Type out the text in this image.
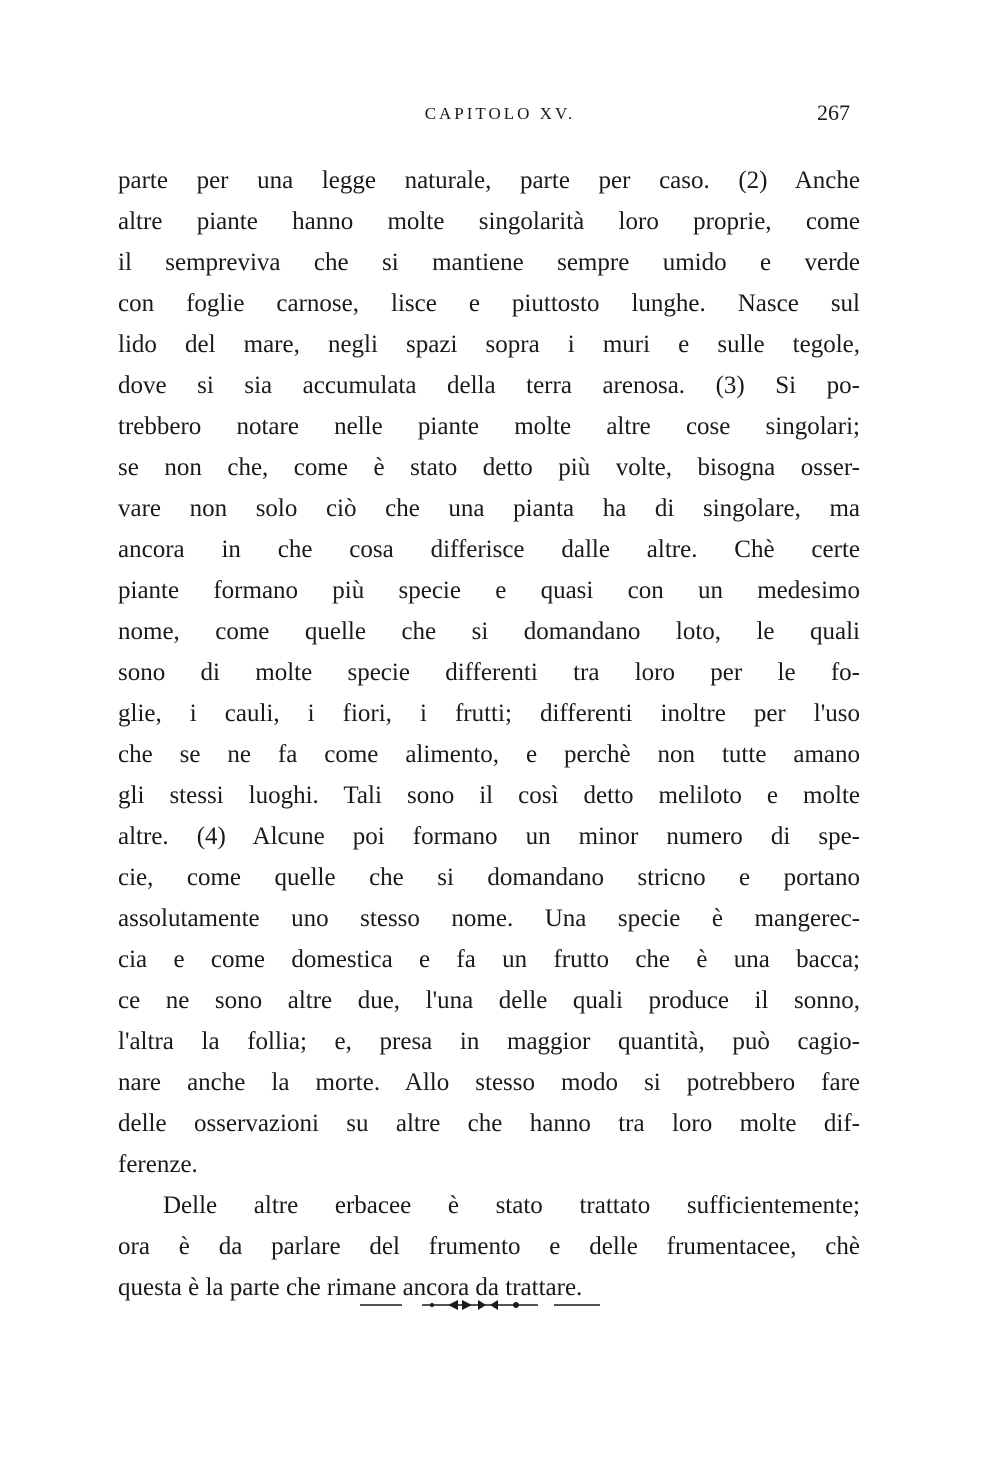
CAPITOLO XV.	267
parte per una legge naturale, parte per caso. (2) Anche
altre piante hanno molte singolarità loro proprie, come
il sempreviva che si mantiene sempre umido e verde
con foglie carnose, lisce e piuttosto lunghe. Nasce sul
lido del mare, negli spazi sopra i muri e sulle tegole,
dove si sia accumulata della terra arenosa. (3) Si po-
trebbero notare nelle piante molte altre cose singolari;
se non che, come è stato detto più volte, bisogna osser-
vare non solo ciò che una pianta ha di singolare, ma
ancora in che cosa differisce dalle altre. Chè certe
piante formano più specie e quasi con un medesimo
nome, come quelle che si domandano loto, le quali
sono di molte specie differenti tra loro per le fo-
glie, i cauli, i fiori, i frutti; differenti inoltre per l'uso
che se ne fa come alimento, e perchè non tutte amano
gli stessi luoghi. Tali sono il così detto meliloto e molte
altre. (4) Alcune poi formano un minor numero di spe-
cie, come quelle che si domandano stricno e portano
assolutamente uno stesso nome. Una specie è mangerec-
cia e come domestica e fa un frutto che è una bacca;
ce ne sono altre due, l'una delle quali produce il sonno,
l'altra la follia; e, presa in maggior quantità, può cagio-
nare anche la morte. Allo stesso modo si potrebbero fare
delle osservazioni su altre che hanno tra loro molte dif-
ferenze.
Delle altre erbacee è stato trattato sufficientemente;
ora è da parlare del frumento e delle frumentacee, chè
questa è la parte che rimane ancora da trattare.
